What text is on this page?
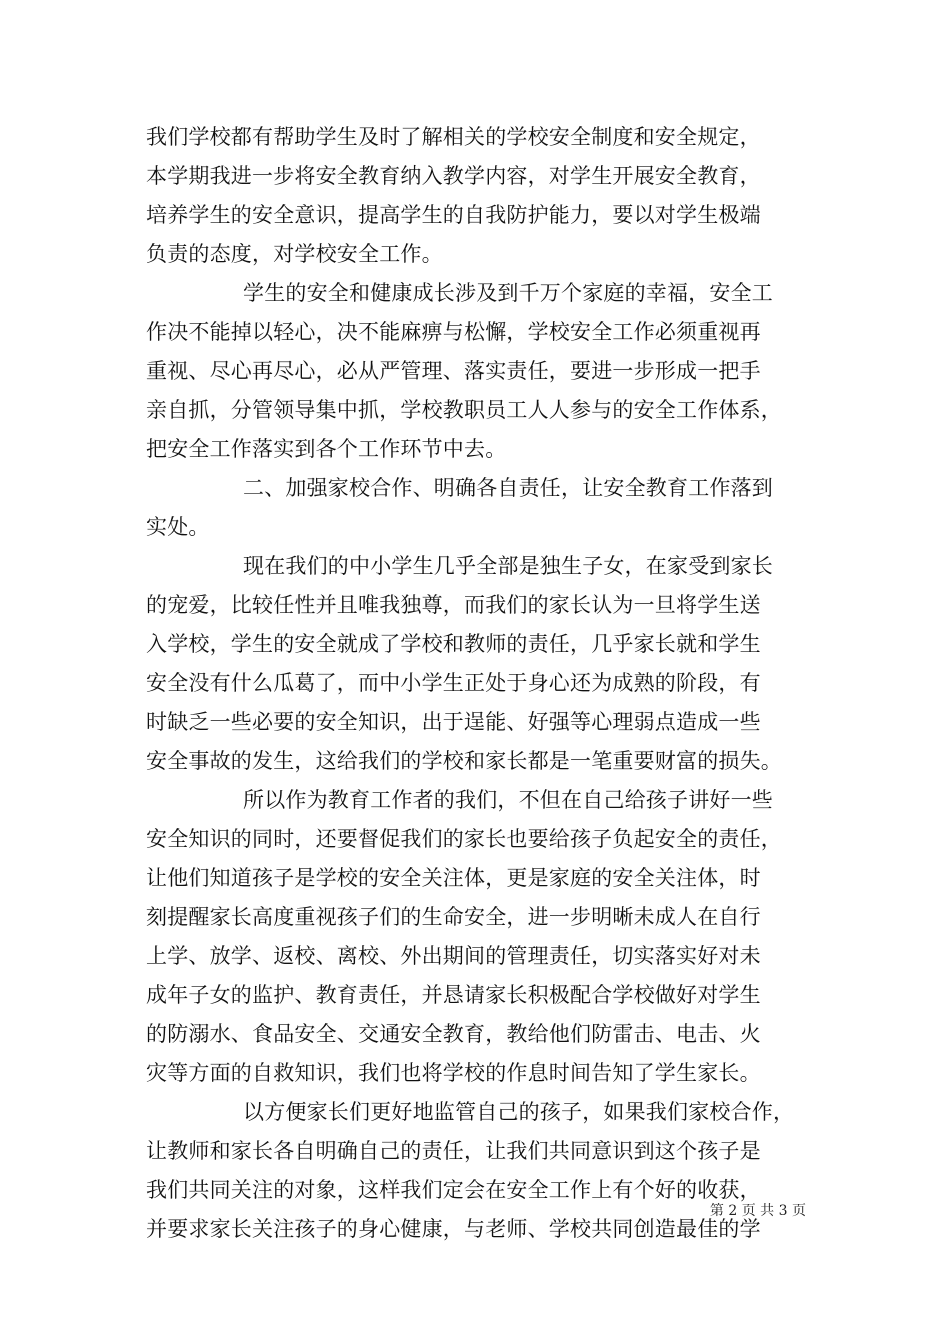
我们学校都有帮助学生及时了解相关的学校安全制度和安全规定，
本学期我进一步将安全教育纳入教学内容，对学生开展安全教育，
培养学生的安全意识，提高学生的自我防护能力，要以对学生极端
负责的态度，对学校安全工作。
学生的安全和健康成长涉及到千万个家庭的幸福，安全工
作决不能掉以轻心，决不能麻痹与松懈，学校安全工作必须重视再
重视、尽心再尽心，必从严管理、落实责任，要进一步形成一把手
亲自抓，分管领导集中抓，学校教职员工人人参与的安全工作体系，
把安全工作落实到各个工作环节中去。
二、加强家校合作、明确各自责任，让安全教育工作落到
实处。
现在我们的中小学生几乎全部是独生子女，在家受到家长
的宠爱，比较任性并且唯我独尊，而我们的家长认为一旦将学生送
入学校，学生的安全就成了学校和教师的责任，几乎家长就和学生
安全没有什么瓜葛了，而中小学生正处于身心还为成熟的阶段，有
时缺乏一些必要的安全知识，出于逞能、好强等心理弱点造成一些
安全事故的发生，这给我们的学校和家长都是一笔重要财富的损失。
所以作为教育工作者的我们，不但在自己给孩子讲好一些
安全知识的同时，还要督促我们的家长也要给孩子负起安全的责任，
让他们知道孩子是学校的安全关注体，更是家庭的安全关注体，时
刻提醒家长高度重视孩子们的生命安全，进一步明晰未成人在自行
上学、放学、返校、离校、外出期间的管理责任，切实落实好对未
成年子女的监护、教育责任，并恳请家长积极配合学校做好对学生
的防溺水、食品安全、交通安全教育，教给他们防雷击、电击、火
灾等方面的自救知识，我们也将学校的作息时间告知了学生家长。
以方便家长们更好地监管自己的孩子，如果我们家校合作，
让教师和家长各自明确自己的责任，让我们共同意识到这个孩子是
我们共同关注的对象，这样我们定会在安全工作上有个好的收获，
并要求家长关注孩子的身心健康，与老师、学校共同创造最佳的学
第 2 页 共 3 页
